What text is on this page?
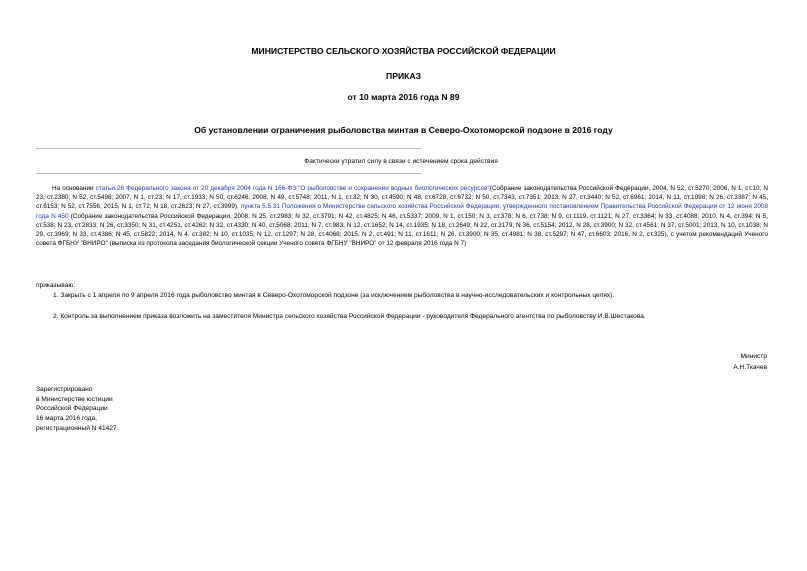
МИНИСТЕРСТВО СЕЛЬСКОГО ХОЗЯЙСТВА РОССИЙСКОЙ ФЕДЕРАЦИИ
ПРИКАЗ
от 10 марта 2016 года N 89
Об установлении ограничения рыболовства минтая в Северо-Охотоморской подзоне в 2016 году
Фактически утратил силу в связи с истечением срока действия
На основании статьи 26 Федерального закона от 20 декабря 2004 года N 166-ФЗ "О рыболовстве и сохранении водных биологических ресурсов"(Собрание законодательства Российской Федерации, 2004, N 52, ст.5270; 2006, N 1, ст.10; N 23, ст.2380; N 52, ст.5498; 2007, N 1, ст.23; N 17, ст.1933; N 50, ст.6246; 2008, N 49, ст.5748; 2011, N 1, ст.32; N 30, ст.4590; N 48, ст.6728, ст.6732; N 50, ст.7343, ст.7351; 2013, N 27, ст.3440; N 52, ст.6961; 2014, N 11, ст.1098; N 26, ст.3387; N 45, ст.6153; N 52, ст.7556; 2015, N 1, ст.72; N 18, ст.2623; N 27, ст.3999), пункта 5.5.31 Положения о Министерстве сельского хозяйства Российской Федерации, утвержденного постановлением Правительства Российской Федерации от 12 июня 2008 года N 450 (Собрание законодательства Российской Федерации, 2008, N 25, ст.2983; N 32, ст.3791; N 42, ст.4825; N 46, ст.5337; 2009, N 1, ст.150; N 3, ст.378; N 6, ст.738; N 9, ст.1119, ст.1121; N 27, ст.3364; N 33, ст.4088; 2010, N 4, ст.394; N 5, ст.538; N 23, ст.2833; N 26, ст.3350; N 31, ст.4251, ст.4262; N 32, ст.4330; N 40, ст.5068; 2011, N 7, ст.983; N 12, ст.1652; N 14, ст.1935; N 18, ст.2649; N 22, ст.3179; N 36, ст.5154; 2012, N 28, ст.3900; N 32, ст.4561; N 37, ст.5001; 2013, N 10, ст.1038; N 29, ст.3969; N 33, ст.4386; N 45, ст.5822; 2014, N 4, ст.382; N 10, ст.1035; N 12, ст.1297; N 28, ст.4068; 2015, N 2, ст.491; N 11, ст.1611; N 26, ст.3900; N 35, ст.4981; N 38, ст.5297; N 47, ст.6603; 2016, N 2, ст.325), с учетом рекомендаций Ученого совета ФГБНУ "ВНИРО" (выписка из протокола заседания биологической секции Ученого совета ФГБНУ "ВНИРО" от 12 февраля 2016 года N 7)
приказываю:
1. Закрыть с 1 апреля по 9 апреля 2016 года рыболовство минтая в Северо-Охотоморской подзоне (за исключением рыболовства в научно-исследовательских и контрольных целях).
2. Контроль за выполнением приказа возложить на заместителя Министра сельского хозяйства Российской Федерации - руководителя Федерального агентства по рыболовству И.В.Шестакова.
Министр
А.Н.Ткачев
Зарегистрировано
в Министерстве юстиции
Российской Федерации
16 марта 2016 года,
регистрационный N 41427
